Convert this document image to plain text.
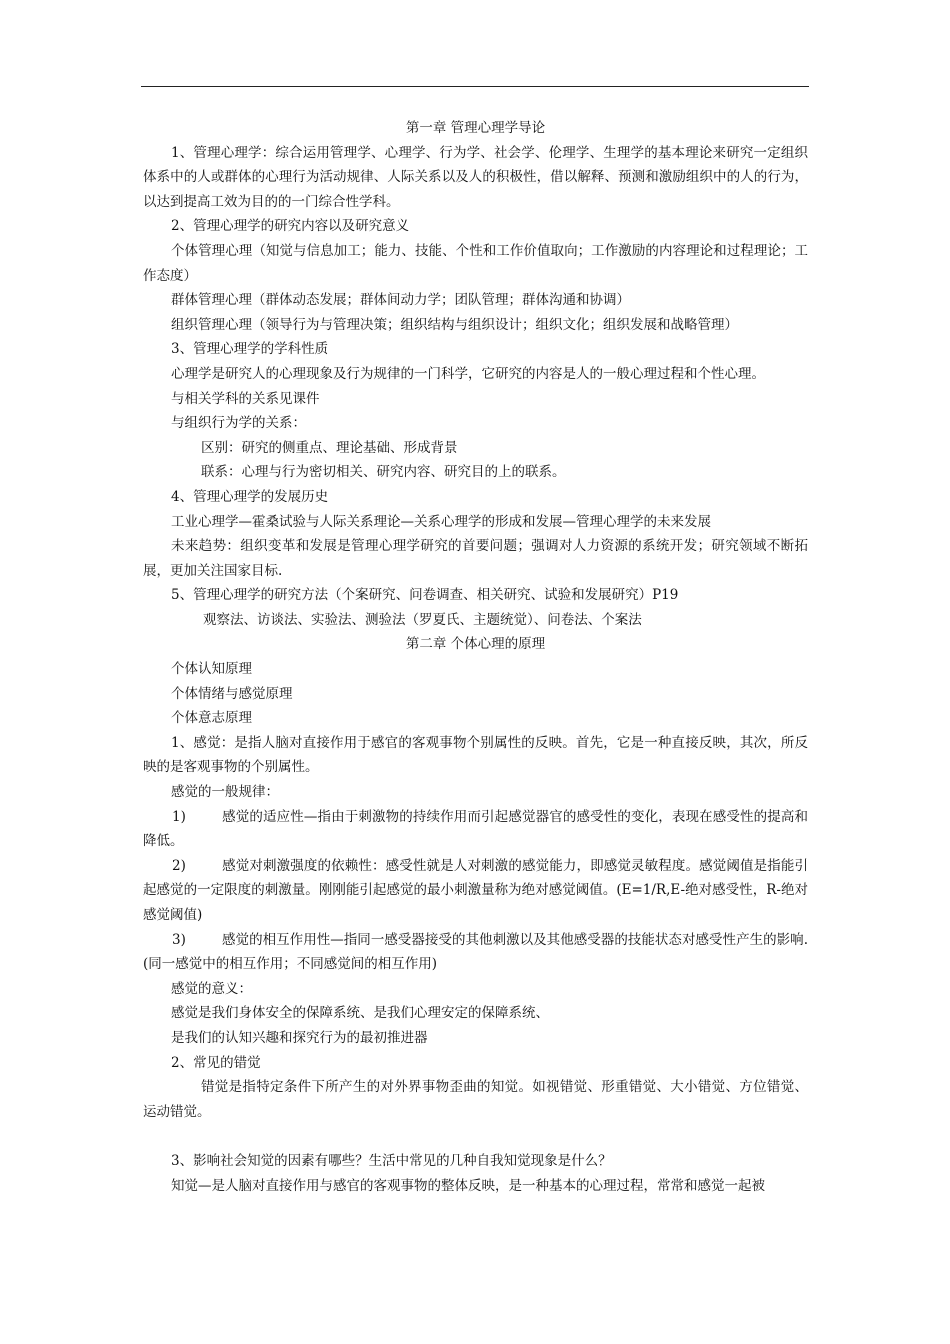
第一章 管理心理学导论

1、管理心理学：综合运用管理学、心理学、行为学、社会学、伦理学、生理学的基本理论来研究一定组织体系中的人或群体的心理行为活动规律、人际关系以及人的积极性，借以解释、预测和激励组织中的人的行为，以达到提高工效为目的的一门综合性学科。

2、管理心理学的研究内容以及研究意义

个体管理心理（知觉与信息加工；能力、技能、个性和工作价值取向；工作激励的内容理论和过程理论；工作态度）

群体管理心理（群体动态发展；群体间动力学；团队管理；群体沟通和协调）

组织管理心理（领导行为与管理决策；组织结构与组织设计；组织文化；组织发展和战略管理）

3、管理心理学的学科性质

心理学是研究人的心理现象及行为规律的一门科学，它研究的内容是人的一般心理过程和个性心理。

与相关学科的关系见课件

与组织行为学的关系：

区别：研究的侧重点、理论基础、形成背景

联系：心理与行为密切相关、研究内容、研究目的上的联系。

4、管理心理学的发展历史

工业心理学—霍桑试验与人际关系理论—关系心理学的形成和发展—管理心理学的未来发展

未来趋势：组织变革和发展是管理心理学研究的首要问题；强调对人力资源的系统开发；研究领域不断拓展，更加关注国家目标.

5、管理心理学的研究方法（个案研究、问卷调查、相关研究、试验和发展研究）P19

观察法、访谈法、实验法、测验法（罗夏氏、主题统觉）、问卷法、个案法

第二章 个体心理的原理

个体认知原理

个体情绪与感觉原理

个体意志原理

1、感觉：是指人脑对直接作用于感官的客观事物个别属性的反映。首先，它是一种直接反映，其次，所反映的是客观事物的个别属性。

感觉的一般规律：

1)	感觉的适应性—指由于刺激物的持续作用而引起感觉器官的感受性的变化，表现在感受性的提高和降低。

2)	感觉对刺激强度的依赖性：感受性就是人对刺激的感觉能力，即感觉灵敏程度。感觉阈值是指能引起感觉的一定限度的刺激量。刚刚能引起感觉的最小刺激量称为绝对感觉阈值。(E=1/R,E-绝对感受性，R-绝对感觉阈值)

3)	感觉的相互作用性—指同一感受器接受的其他刺激以及其他感受器的技能状态对感受性产生的影响.(同一感觉中的相互作用；不同感觉间的相互作用)

感觉的意义：

感觉是我们身体安全的保障系统、是我们心理安定的保障系统、

是我们的认知兴趣和探究行为的最初推进器

2、常见的错觉

错觉是指特定条件下所产生的对外界事物歪曲的知觉。如视错觉、形重错觉、大小错觉、方位错觉、运动错觉。

3、影响社会知觉的因素有哪些？生活中常见的几种自我知觉现象是什么？

知觉—是人脑对直接作用与感官的客观事物的整体反映，是一种基本的心理过程，常常和感觉一起被
